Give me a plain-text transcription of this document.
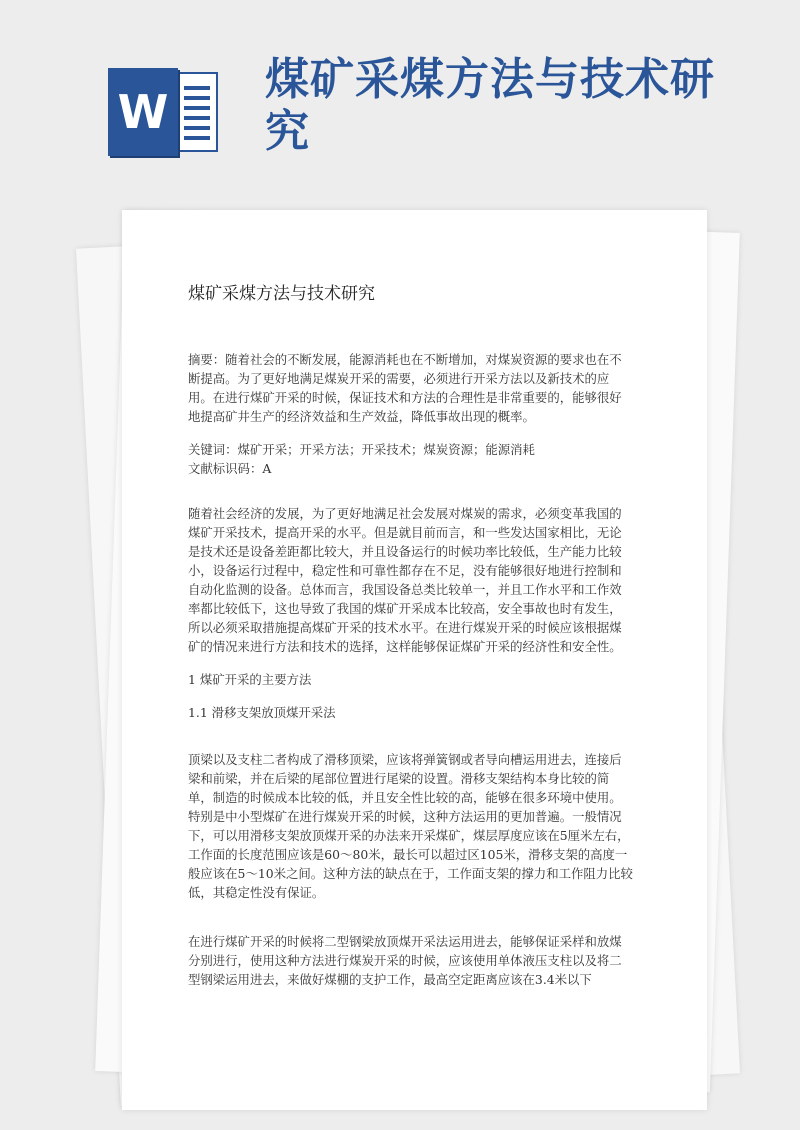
W
煤矿采煤方法与技术研究
煤矿采煤方法与技术研究

摘要：随着社会的不断发展，能源消耗也在不断增加，对煤炭资源的要求也在不断提高。为了更好地满足煤炭开采的需要，必须进行开采方法以及新技术的应用。在进行煤矿开采的时候，保证技术和方法的合理性是非常重要的，能够很好地提高矿井生产的经济效益和生产效益，降低事故出现的概率。

关键词：煤矿开采；开采方法；开采技术；煤炭资源；能源消耗

文献标识码：A

随着社会经济的发展，为了更好地满足社会发展对煤炭的需求，必须变革我国的煤矿开采技术，提高开采的水平。但是就目前而言，和一些发达国家相比，无论是技术还是设备差距都比较大，并且设备运行的时候功率比较低，生产能力比较小，设备运行过程中，稳定性和可靠性都存在不足，没有能够很好地进行控制和自动化监测的设备。总体而言，我国设备总类比较单一，并且工作水平和工作效率都比较低下，这也导致了我国的煤矿开采成本比较高，安全事故也时有发生，所以必须采取措施提高煤矿开采的技术水平。在进行煤炭开采的时候应该根据煤矿的情况来进行方法和技术的选择，这样能够保证煤矿开采的经济性和安全性。

1 煤矿开采的主要方法

1.1 滑移支架放顶煤开采法

顶梁以及支柱二者构成了滑移顶梁，应该将弹簧钢或者导向槽运用进去，连接后梁和前梁，并在后梁的尾部位置进行尾梁的设置。滑移支架结构本身比较的简单，制造的时候成本比较的低，并且安全性比较的高，能够在很多环境中使用。特别是中小型煤矿在进行煤炭开采的时候，这种方法运用的更加普遍。一般情况下，可以用滑移支架放顶煤开采的办法来开采煤矿，煤层厚度应该在5厘米左右，工作面的长度范围应该是60～80米，最长可以超过区105米，滑移支架的高度一般应该在5～10米之间。这种方法的缺点在于，工作面支架的撑力和工作阻力比较低，其稳定性没有保证。

在进行煤矿开采的时候将二型钢梁放顶煤开采法运用进去，能够保证采样和放煤分别进行，使用这种方法进行煤炭开采的时候，应该使用单体液压支柱以及将二型钢梁运用进去，来做好煤棚的支护工作，最高空定距离应该在3.4米以下
